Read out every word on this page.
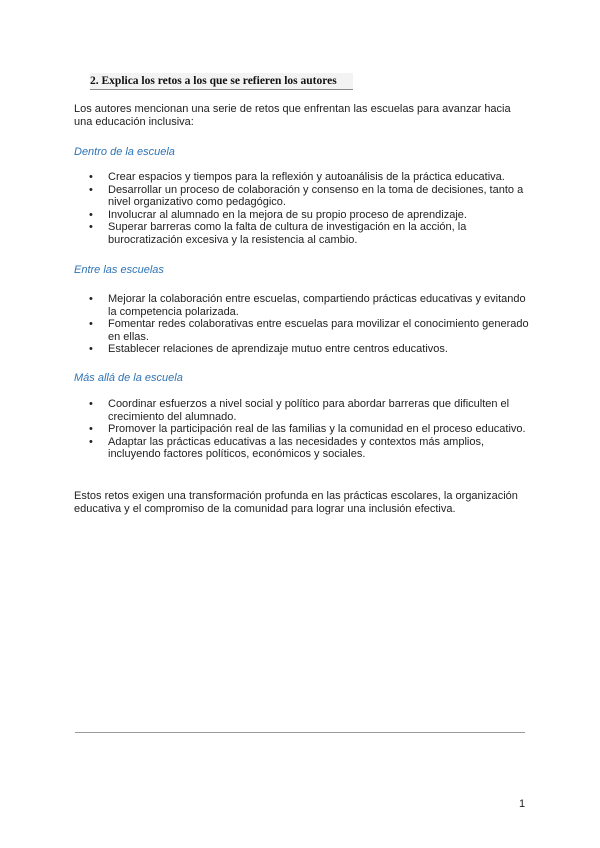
2. Explica los retos a los que se refieren los autores

Los autores mencionan una serie de retos que enfrentan las escuelas para avanzar hacia una educación inclusiva:

Dentro de la escuela

• Crear espacios y tiempos para la reflexión y autoanálisis de la práctica educativa.
• Desarrollar un proceso de colaboración y consenso en la toma de decisiones, tanto a nivel organizativo como pedagógico.
• Involucrar al alumnado en la mejora de su propio proceso de aprendizaje.
• Superar barreras como la falta de cultura de investigación en la acción, la burocratización excesiva y la resistencia al cambio.

Entre las escuelas

• Mejorar la colaboración entre escuelas, compartiendo prácticas educativas y evitando la competencia polarizada.
• Fomentar redes colaborativas entre escuelas para movilizar el conocimiento generado en ellas.
• Establecer relaciones de aprendizaje mutuo entre centros educativos.

Más allá de la escuela

• Coordinar esfuerzos a nivel social y político para abordar barreras que dificulten el crecimiento del alumnado.
• Promover la participación real de las familias y la comunidad en el proceso educativo.
• Adaptar las prácticas educativas a las necesidades y contextos más amplios, incluyendo factores políticos, económicos y sociales.

Estos retos exigen una transformación profunda en las prácticas escolares, la organización educativa y el compromiso de la comunidad para lograr una inclusión efectiva.

1
